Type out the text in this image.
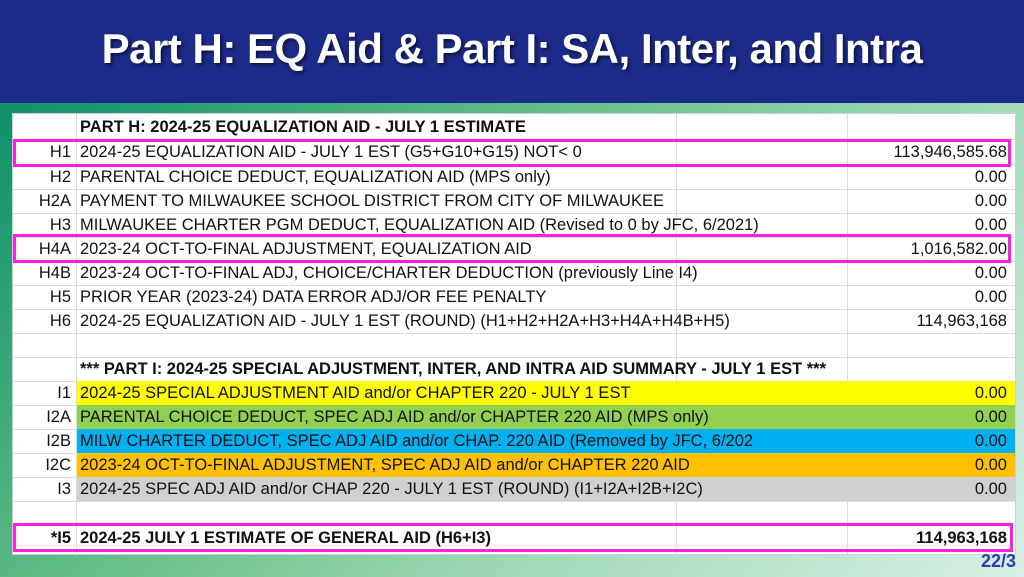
Part H: EQ Aid & Part I: SA, Inter, and Intra
PART H: 2024-25 EQUALIZATION AID - JULY 1 ESTIMATE
H1 2024-25 EQUALIZATION AID - JULY 1 EST (G5+G10+G15) NOT< 0	113,946,585.68
H2 PARENTAL CHOICE DEDUCT, EQUALIZATION AID (MPS only)	0.00
H2A PAYMENT TO MILWAUKEE SCHOOL DISTRICT FROM CITY OF MILWAUKEE	0.00
H3 MILWAUKEE CHARTER PGM DEDUCT, EQUALIZATION AID (Revised to 0 by JFC, 6/2021)	0.00
H4A 2023-24 OCT-TO-FINAL ADJUSTMENT, EQUALIZATION AID	1,016,582.00
H4B 2023-24 OCT-TO-FINAL ADJ, CHOICE/CHARTER DEDUCTION (previously Line I4)	0.00
H5 PRIOR YEAR (2023-24) DATA ERROR ADJ/OR FEE PENALTY	0.00
H6 2024-25 EQUALIZATION AID - JULY 1 EST (ROUND) (H1+H2+H2A+H3+H4A+H4B+H5)	114,963,168
*** PART I: 2024-25 SPECIAL ADJUSTMENT, INTER, AND INTRA AID SUMMARY - JULY 1 EST ***
I1 2024-25 SPECIAL ADJUSTMENT AID and/or CHAPTER 220 - JULY 1 EST	0.00
I2A PARENTAL CHOICE DEDUCT, SPEC ADJ AID and/or CHAPTER 220 AID (MPS only)	0.00
I2B MILW CHARTER DEDUCT, SPEC ADJ AID and/or CHAP. 220 AID (Removed by JFC, 6/202	0.00
I2C 2023-24 OCT-TO-FINAL ADJUSTMENT, SPEC ADJ AID and/or CHAPTER 220 AID	0.00
I3 2024-25 SPEC ADJ AID and/or CHAP 220 - JULY 1 EST (ROUND) (I1+I2A+I2B+I2C)	0.00
*I5 2024-25 JULY 1 ESTIMATE OF GENERAL AID (H6+I3)	114,963,168
22/3
